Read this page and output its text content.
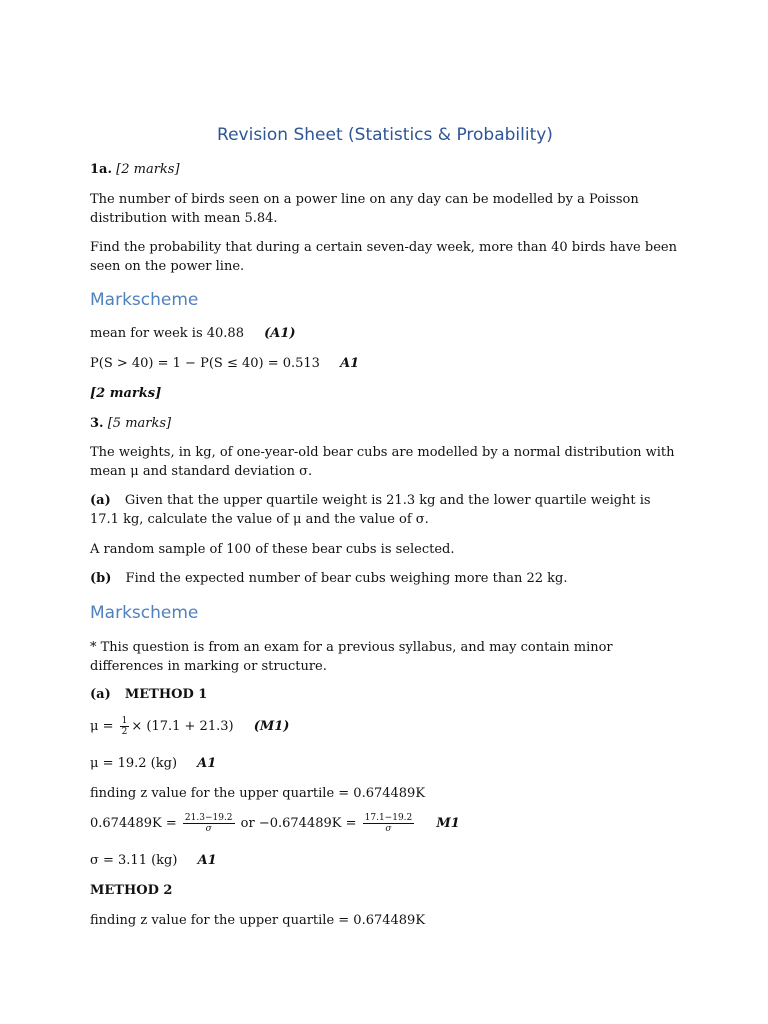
Revision Sheet (Statistics & Probability)
1a. [2 marks]
The number of birds seen on a power line on any day can be modelled by a Poisson distribution with mean 5.84.
Find the probability that during a certain seven-day week, more than 40 birds have been seen on the power line.
Markscheme
mean for week is 40.88 (A1)
P(S > 40) = 1 − P(S ≤ 40) = 0.513 A1
[2 marks]
3. [5 marks]
The weights, in kg, of one-year-old bear cubs are modelled by a normal distribution with mean μ and standard deviation σ.
(a) Given that the upper quartile weight is 21.3 kg and the lower quartile weight is 17.1 kg, calculate the value of μ and the value of σ.
A random sample of 100 of these bear cubs is selected.
(b) Find the expected number of bear cubs weighing more than 22 kg.
Markscheme
* This question is from an exam for a previous syllabus, and may contain minor differences in marking or structure.
(a) METHOD 1
$\mu = \frac{1}{2} \times (17.1 + 21.3)$ (M1)
μ = 19.2 (kg) A1
finding z value for the upper quartile = 0.674489K
$0.674489K = \frac{21.3-19.2}{\sigma}$ or $-0.674489K = \frac{17.1-19.2}{\sigma} M1$
σ = 3.11 (kg) A1
METHOD 2
finding z value for the upper quartile = 0.674489K
